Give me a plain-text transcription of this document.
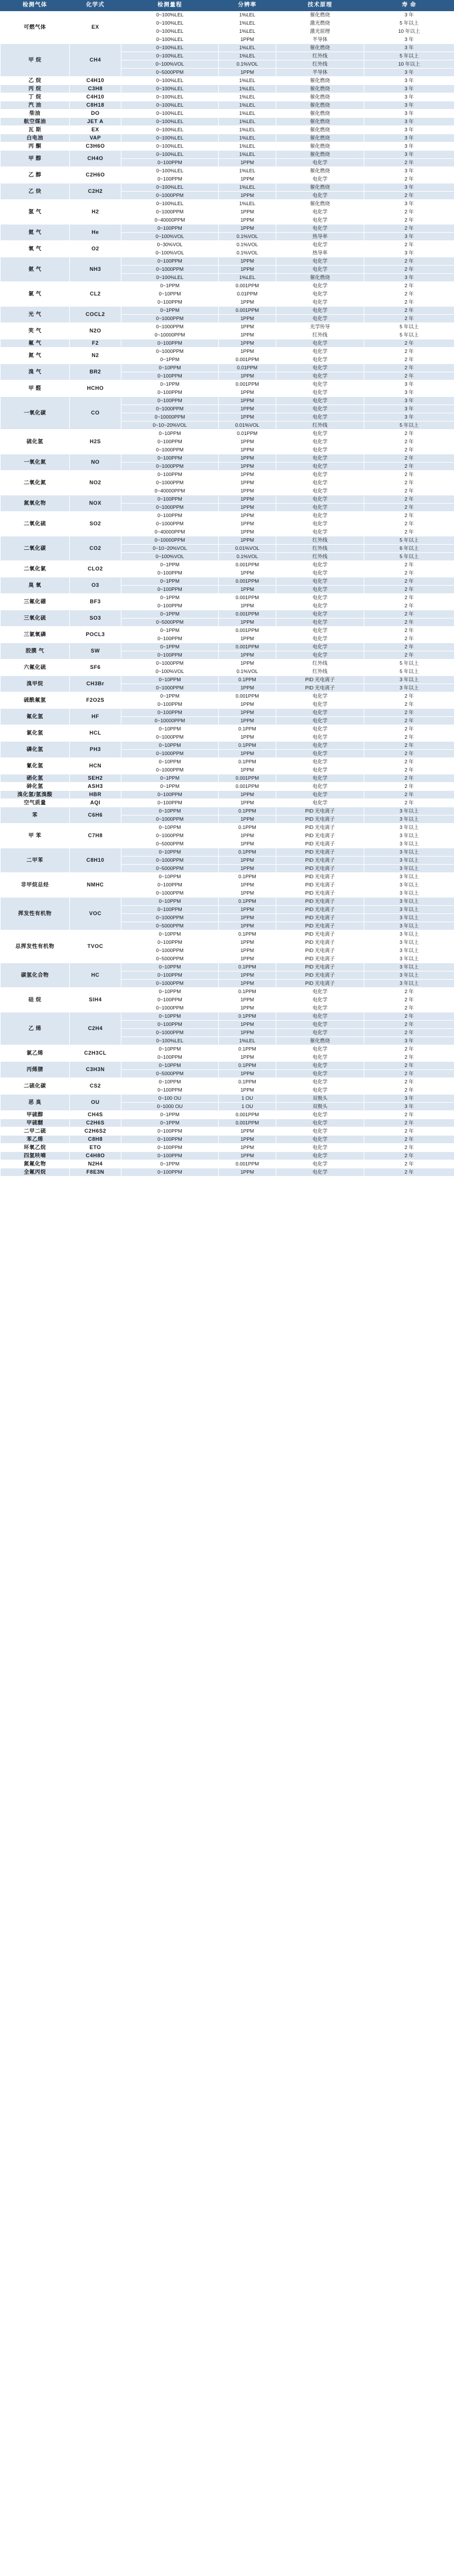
检测气体	化学式	检测量程	分辨率	技术原理	寿 命
可燃气体	EX	0~100%LEL	1%LEL	催化燃烧	3 年
		0~100%LEL	1%LEL	激光燃烧	5 年以上
		0~100%LEL	1%LEL	激光原理	10 年以上
		0~100%LEL	1PPM	半导体	3 年
甲 烷	CH4	0~100%LEL	1%LEL	催化燃烧	3 年
		0~100%LEL	1%LEL	红外线	5 年以上
		0~100%VOL	0.1%VOL	红外线	10 年以上
		0~5000PPM	1PPM	半导体	3 年
乙 烷	C4H10	0~100%LEL	1%LEL	催化燃烧	3 年
丙 烷	C3H8	0~100%LEL	1%LEL	催化燃烧	3 年
丁 烷	C4H10	0~100%LEL	1%LEL	催化燃烧	3 年
汽 油	C8H18	0~100%LEL	1%LEL	催化燃烧	3 年
柴油	DO	0~100%LEL	1%LEL	催化燃烧	3 年
航空煤油	JET A	0~100%LEL	1%LEL	催化燃烧	3 年
瓦 斯	EX	0~100%LEL	1%LEL	催化燃烧	3 年
白电油	VAP	0~100%LEL	1%LEL	催化燃烧	3 年
丙 酮	C3H6O	0~100%LEL	1%LEL	催化燃烧	3 年
甲 醇	CH4O	0~100%LEL	1%LEL	催化燃烧	3 年
		0~100PPM	1PPM	电化学	2 年
乙 醇	C2H6O	0~100%LEL	1%LEL	催化燃烧	3 年
		0~100PPM	1PPM	电化学	2 年
乙 炔	C2H2	0~100%LEL	1%LEL	催化燃烧	3 年
		0~1000PPM	1PPM	电化学	2 年
氢 气	H2	0~100%LEL	1%LEL	催化燃烧	3 年
		0~1000PPM	1PPM	电化学	2 年
		0~40000PPM	1PPM	电化学	2 年
氦 气	He	0~100PPM	1PPM	电化学	2 年
		0~100%VOL	0.1%VOL	热导率	3 年
氧 气	O2	0~30%VOL	0.1%VOL	电化学	2 年
		0~100%VOL	0.1%VOL	热导率	3 年
氨 气	NH3	0~100PPM	1PPM	电化学	2 年
		0~1000PPM	1PPM	电化学	2 年
		0~100%LEL	1%LEL	催化燃烧	3 年
氯 气	CL2	0~1PPM	0.001PPM	电化学	2 年
		0~10PPM	0.01PPM	电化学	2 年
		0~100PPM	1PPM	电化学	2 年
光 气	COCL2	0~1PPM	0.001PPM	电化学	2 年
		0~1000PPM	1PPM	电化学	2 年
笑 气	N2O	0~1000PPM	1PPM	光学传导	5 年以上
		0~10000PPM	1PPM	红外线	5 年以上
氟 气	F2	0~100PPM	1PPM	电化学	2 年
氮 气	N2	0~1000PPM	1PPM	电化学	2 年
		0~1PPM	0.001PPM	电化学	2 年
溴 气	BR2	0~10PPM	0.01PPM	电化学	2 年
		0~100PPM	1PPM	电化学	2 年
甲 醛	HCHO	0~1PPM	0.001PPM	电化学	3 年
		0~100PPM	1PPM	电化学	3 年
一氧化碳	CO	0~100PPM	1PPM	电化学	3 年
		0~1000PPM	1PPM	电化学	3 年
		0~10000PPM	1PPM	电化学	3 年
		0~10~20%VOL	0.01%VOL	红外线	5 年以上
硫化氢	H2S	0~10PPM	0.01PPM	电化学	2 年
		0~100PPM	1PPM	电化学	2 年
		0~1000PPM	1PPM	电化学	2 年
一氧化氮	NO	0~100PPM	1PPM	电化学	2 年
		0~1000PPM	1PPM	电化学	2 年
二氧化氮	NO2	0~100PPM	1PPM	电化学	2 年
		0~1000PPM	1PPM	电化学	2 年
		0~40000PPM	1PPM	电化学	2 年
氮氧化物	NOX	0~100PPM	1PPM	电化学	2 年
		0~1000PPM	1PPM	电化学	2 年
二氧化硫	SO2	0~100PPM	1PPM	电化学	2 年
		0~1000PPM	1PPM	电化学	2 年
		0~40000PPM	1PPM	电化学	2 年
二氧化碳	CO2	0~10000PPM	1PPM	红外线	5 年以上
		0~10~20%VOL	0.01%VOL	红外线	6 年以上
		0~100%VOL	0.1%VOL	红外线	5 年以上
二氧化氯	CLO2	0~1PPM	0.001PPM	电化学	2 年
		0~100PPM	1PPM	电化学	2 年
臭 氧	O3	0~1PPM	0.001PPM	电化学	2 年
		0~100PPM	1PPM	电化学	2 年
三氟化硼	BF3	0~1PPM	0.001PPM	电化学	2 年
		0~100PPM	1PPM	电化学	2 年
三氧化硫	SO3	0~1PPM	0.001PPM	电化学	2 年
		0~5000PPM	1PPM	电化学	2 年
三氯氧磷	POCL3	0~1PPM	0.001PPM	电化学	2 年
		0~100PPM	1PPM	电化学	2 年
胶膜 气	SW	0~1PPM	0.001PPM	电化学	2 年
		0~100PPM	1PPM	电化学	2 年
六氟化硫	SF6	0~1000PPM	1PPM	红外线	5 年以上
		0~100%VOL	0.1%VOL	红外线	5 年以上
溴甲烷	CH3Br	0~10PPM	0.1PPM	PID 光电离子	3 年以上
		0~1000PPM	1PPM	PID 光电离子	3 年以上
硫酰氟氢	F2O2S	0~1PPM	0.001PPM	电化学	2 年
		0~100PPM	1PPM	电化学	2 年
氟化氢	HF	0~100PPM	1PPM	电化学	2 年
		0~10000PPM	1PPM	电化学	2 年
氯化氢	HCL	0~10PPM	0.1PPM	电化学	2 年
		0~1000PPM	1PPM	电化学	2 年
磷化氢	PH3	0~10PPM	0.1PPM	电化学	2 年
		0~1000PPM	1PPM	电化学	2 年
氰化氢	HCN	0~10PPM	0.1PPM	电化学	2 年
		0~1000PPM	1PPM	电化学	2 年
硒化氢	SEH2	0~1PPM	0.001PPM	电化学	2 年
砷化氢	ASH3	0~1PPM	0.001PPM	电化学	2 年
溴化氢/氢溴酸	HBR	0~100PPM	1PPM	电化学	2 年
空气质量	AQI	0~100PPM	1PPM	电化学	2 年
苯	C6H6	0~10PPM	0.1PPM	PID 光电离子	3 年以上
		0~1000PPM	1PPM	PID 光电离子	3 年以上
甲 苯	C7H8	0~10PPM	0.1PPM	PID 光电离子	3 年以上
		0~1000PPM	1PPM	PID 光电离子	3 年以上
		0~5000PPM	1PPM	PID 光电离子	3 年以上
二甲苯	C8H10	0~10PPM	0.1PPM	PID 光电离子	3 年以上
		0~1000PPM	1PPM	PID 光电离子	3 年以上
		0~5000PPM	1PPM	PID 光电离子	3 年以上
非甲烷总烃	NMHC	0~10PPM	0.1PPM	PID 光电离子	3 年以上
		0~100PPM	1PPM	PID 光电离子	3 年以上
		0~1000PPM	1PPM	PID 光电离子	3 年以上
挥发性有机物	VOC	0~10PPM	0.1PPM	PID 光电离子	3 年以上
		0~100PPM	1PPM	PID 光电离子	3 年以上
		0~1000PPM	1PPM	PID 光电离子	3 年以上
		0~5000PPM	1PPM	PID 光电离子	3 年以上
总挥发性有机物	TVOC	0~10PPM	0.1PPM	PID 光电离子	3 年以上
		0~100PPM	1PPM	PID 光电离子	3 年以上
		0~1000PPM	1PPM	PID 光电离子	3 年以上
		0~5000PPM	1PPM	PID 光电离子	3 年以上
碳氢化合物	HC	0~10PPM	0.1PPM	PID 光电离子	3 年以上
		0~100PPM	1PPM	PID 光电离子	3 年以上
		0~1000PPM	1PPM	PID 光电离子	3 年以上
硅 烷	SIH4	0~10PPM	0.1PPM	电化学	2 年
		0~100PPM	1PPM	电化学	2 年
		0~1000PPM	1PPM	电化学	2 年
乙 烯	C2H4	0~10PPM	0.1PPM	电化学	2 年
		0~100PPM	1PPM	电化学	2 年
		0~1000PPM	1PPM	电化学	2 年
		0~100%LEL	1%LEL	催化燃烧	3 年
氯乙烯	C2H3CL	0~10PPM	0.1PPM	电化学	2 年
		0~100PPM	1PPM	电化学	2 年
丙烯腈	C3H3N	0~10PPM	0.1PPM	电化学	2 年
		0~5000PPM	1PPM	电化学	2 年
二硫化碳	CS2	0~10PPM	0.1PPM	电化学	2 年
		0~100PPM	1PPM	电化学	2 年
恶 臭	OU	0~100 OU	1 OU	双极头	3 年
		0~1000 OU	1 OU	双极头	3 年
甲硫醇	CH4S	0~1PPM	0.001PPM	电化学	2 年
甲硫醚	C2H6S	0~1PPM	0.001PPM	电化学	2 年
二甲二硫	C2H6S2	0~100PPM	1PPM	电化学	2 年
苯乙烯	C8H8	0~100PPM	1PPM	电化学	2 年
环氧乙烷	ETO	0~100PPM	1PPM	电化学	2 年
四氢呋喃	C4H8O	0~100PPM	1PPM	电化学	2 年
氮氟化物	N2H4	0~1PPM	0.001PPM	电化学	2 年
全氟丙烷	F8E3N	0~100PPM	1PPM	电化学	2 年
